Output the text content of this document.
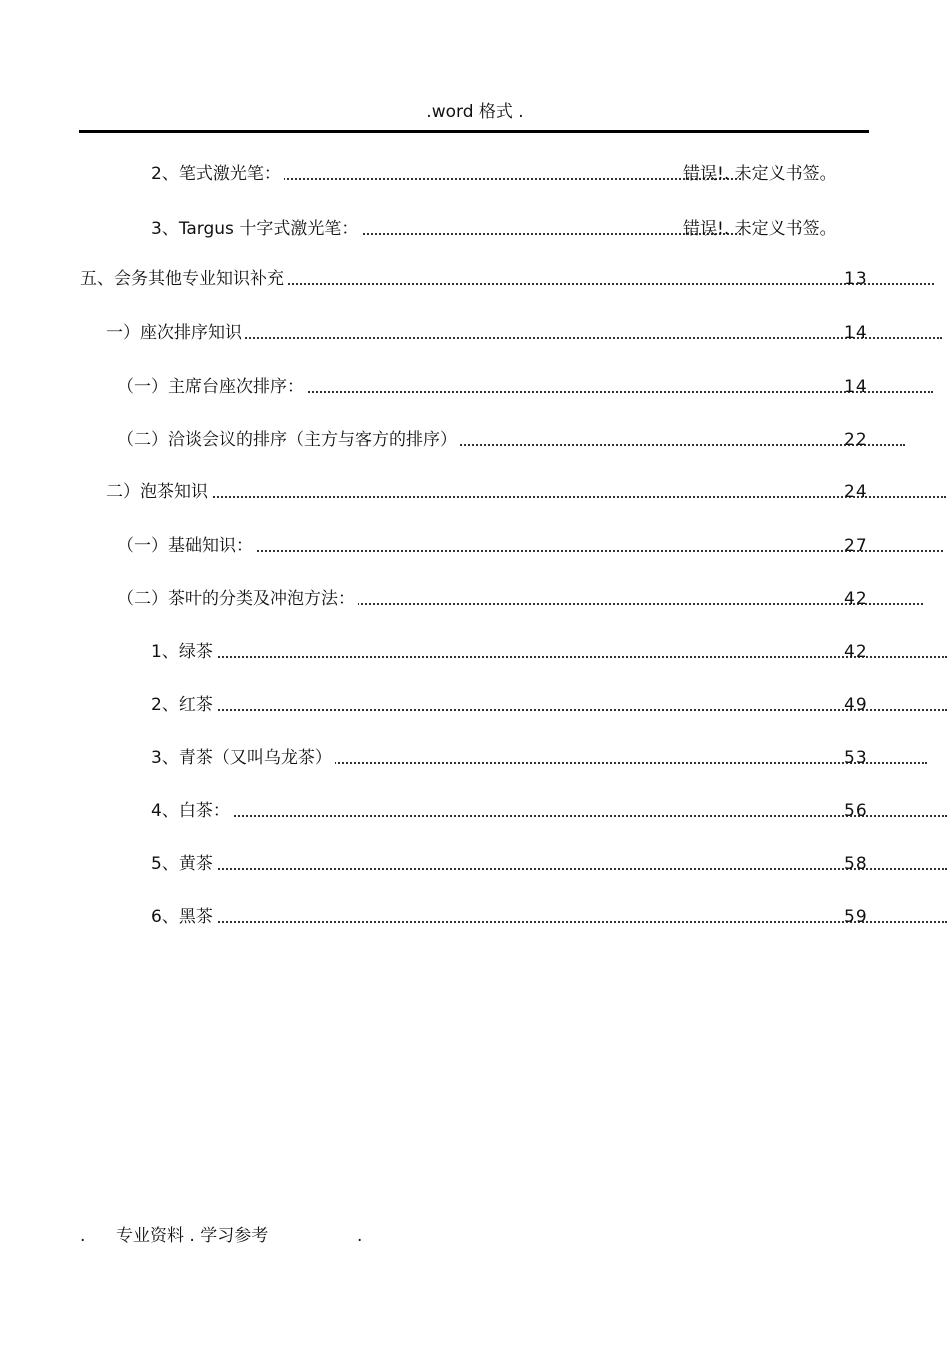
.word 格式 .
2、笔式激光笔：	错误!. 未定义书签。
3、Targus 十字式激光笔：	错误!. 未定义书签。
五、会务其他专业知识补充	13
一）座次排序知识	14
（一）主席台座次排序：	14
（二）洽谈会议的排序（主方与客方的排序）	22
二）泡茶知识	24
（一）基础知识：	27
（二）茶叶的分类及冲泡方法：	42
1、绿茶	42
2、红茶	49
3、青茶（又叫乌龙茶）	53
4、白茶：	56
5、黄茶	58
6、黑茶	59
. 专业资料 . 学习参考	.
